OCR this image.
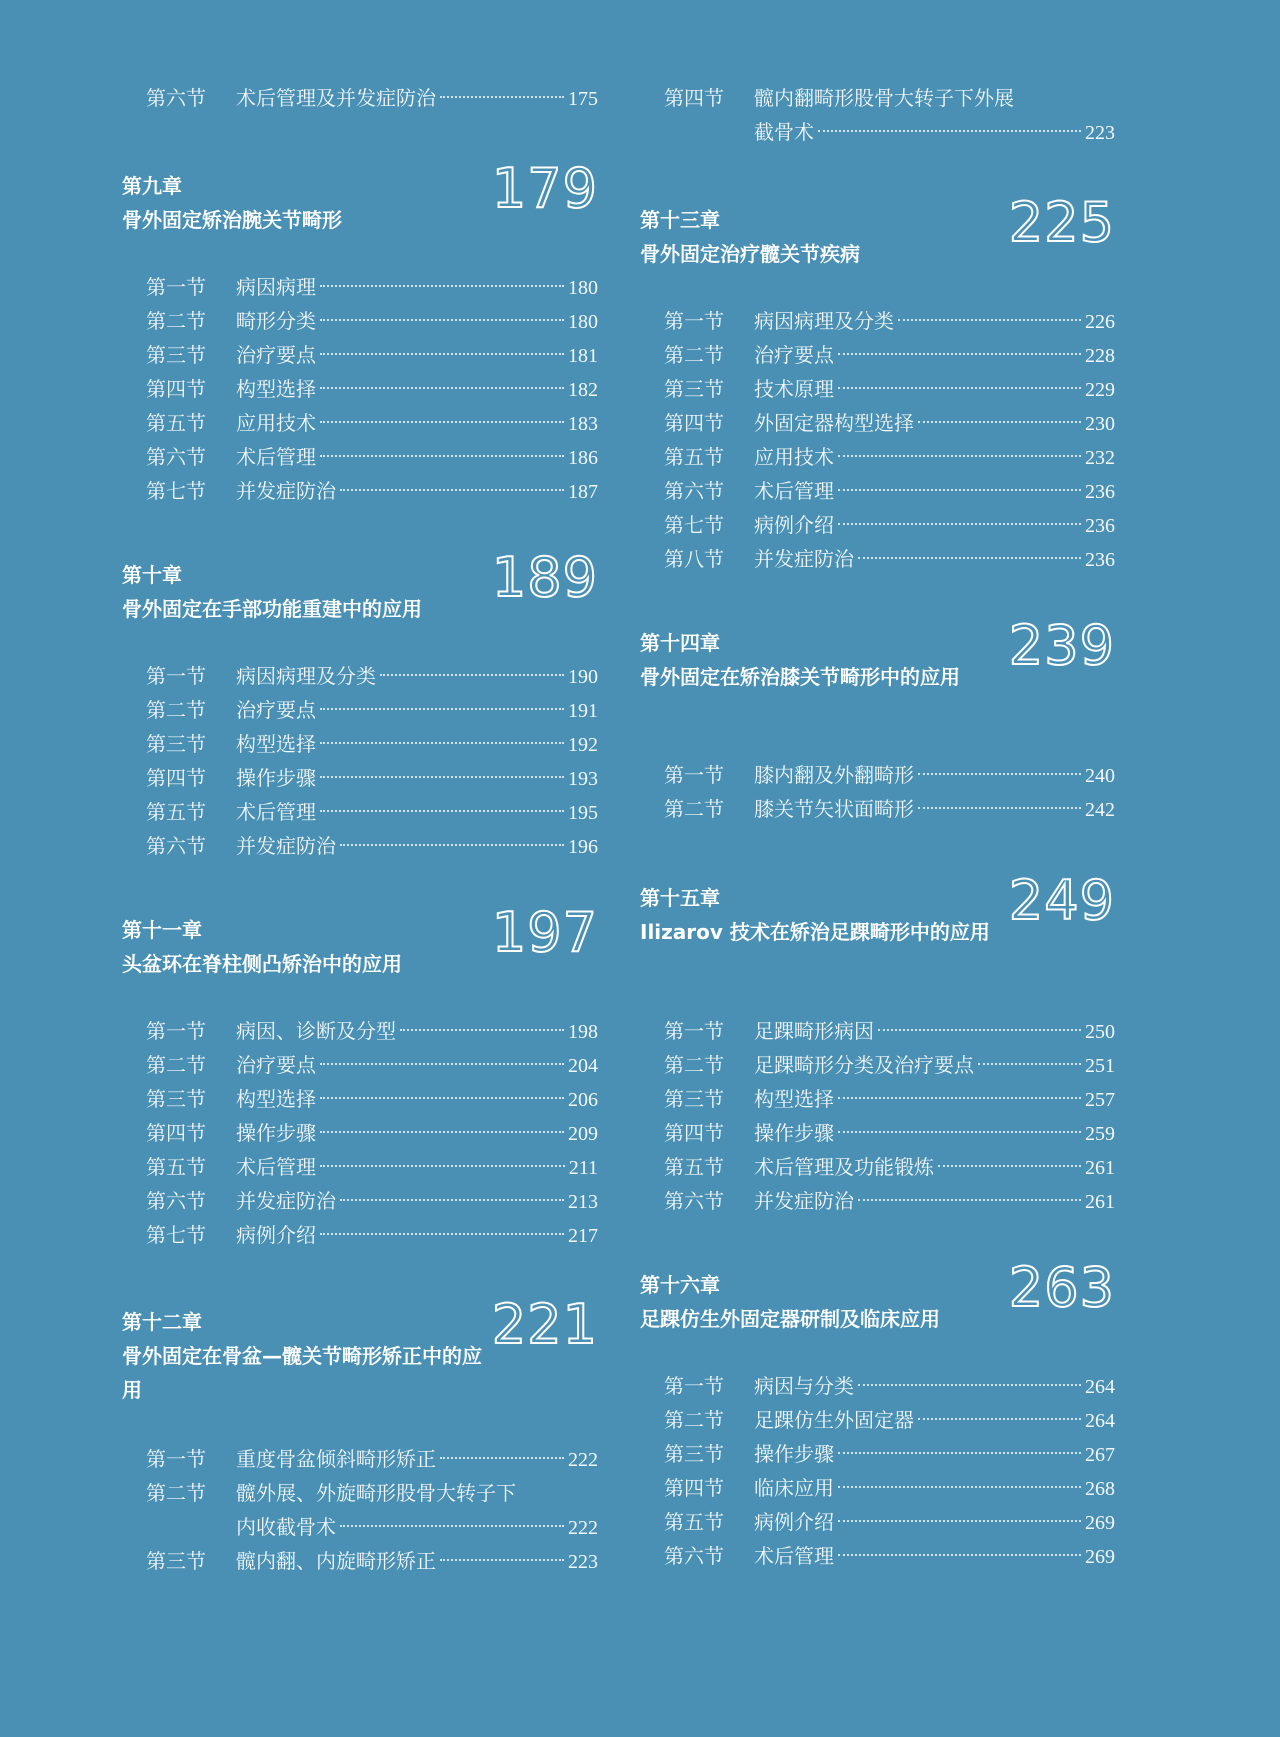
第六节	术后管理及并发症防治	175
第九章
骨外固定矫治腕关节畸形	179
第一节	病因病理	180
第二节	畸形分类	180
第三节	治疗要点	181
第四节	构型选择	182
第五节	应用技术	183
第六节	术后管理	186
第七节	并发症防治	187
第十章
骨外固定在手部功能重建中的应用	189
第一节	病因病理及分类	190
第二节	治疗要点	191
第三节	构型选择	192
第四节	操作步骤	193
第五节	术后管理	195
第六节	并发症防治	196
第十一章
头盆环在脊柱侧凸矫治中的应用	197
第一节	病因、诊断及分型	198
第二节	治疗要点	204
第三节	构型选择	206
第四节	操作步骤	209
第五节	术后管理	211
第六节	并发症防治	213
第七节	病例介绍	217
第十二章
骨外固定在骨盆—髋关节畸形矫正中的应用
221
第一节	重度骨盆倾斜畸形矫正	222
第二节	髋外展、外旋畸形股骨大转子下
内收截骨术	222
第三节	髋内翻、内旋畸形矫正	223
第四节	髋内翻畸形股骨大转子下外展
截骨术	223
第十三章
骨外固定治疗髋关节疾病	225
第一节	病因病理及分类	226
第二节	治疗要点	228
第三节	技术原理	229
第四节	外固定器构型选择	230
第五节	应用技术	232
第六节	术后管理	236
第七节	病例介绍	236
第八节	并发症防治	236
第十四章
骨外固定在矫治膝关节畸形中的应用 239
第一节	膝内翻及外翻畸形	240
第二节	膝关节矢状面畸形	242
第十五章
Ilizarov 技术在矫治足踝畸形中的应用 249
第一节	足踝畸形病因	250
第二节	足踝畸形分类及治疗要点	251
第三节	构型选择	257
第四节	操作步骤	259
第五节	术后管理及功能锻炼	261
第六节	并发症防治	261
第十六章
足踝仿生外固定器研制及临床应用	263
第一节	病因与分类	264
第二节	足踝仿生外固定器	264
第三节	操作步骤	267
第四节	临床应用	268
第五节	病例介绍	269
第六节	术后管理	269
